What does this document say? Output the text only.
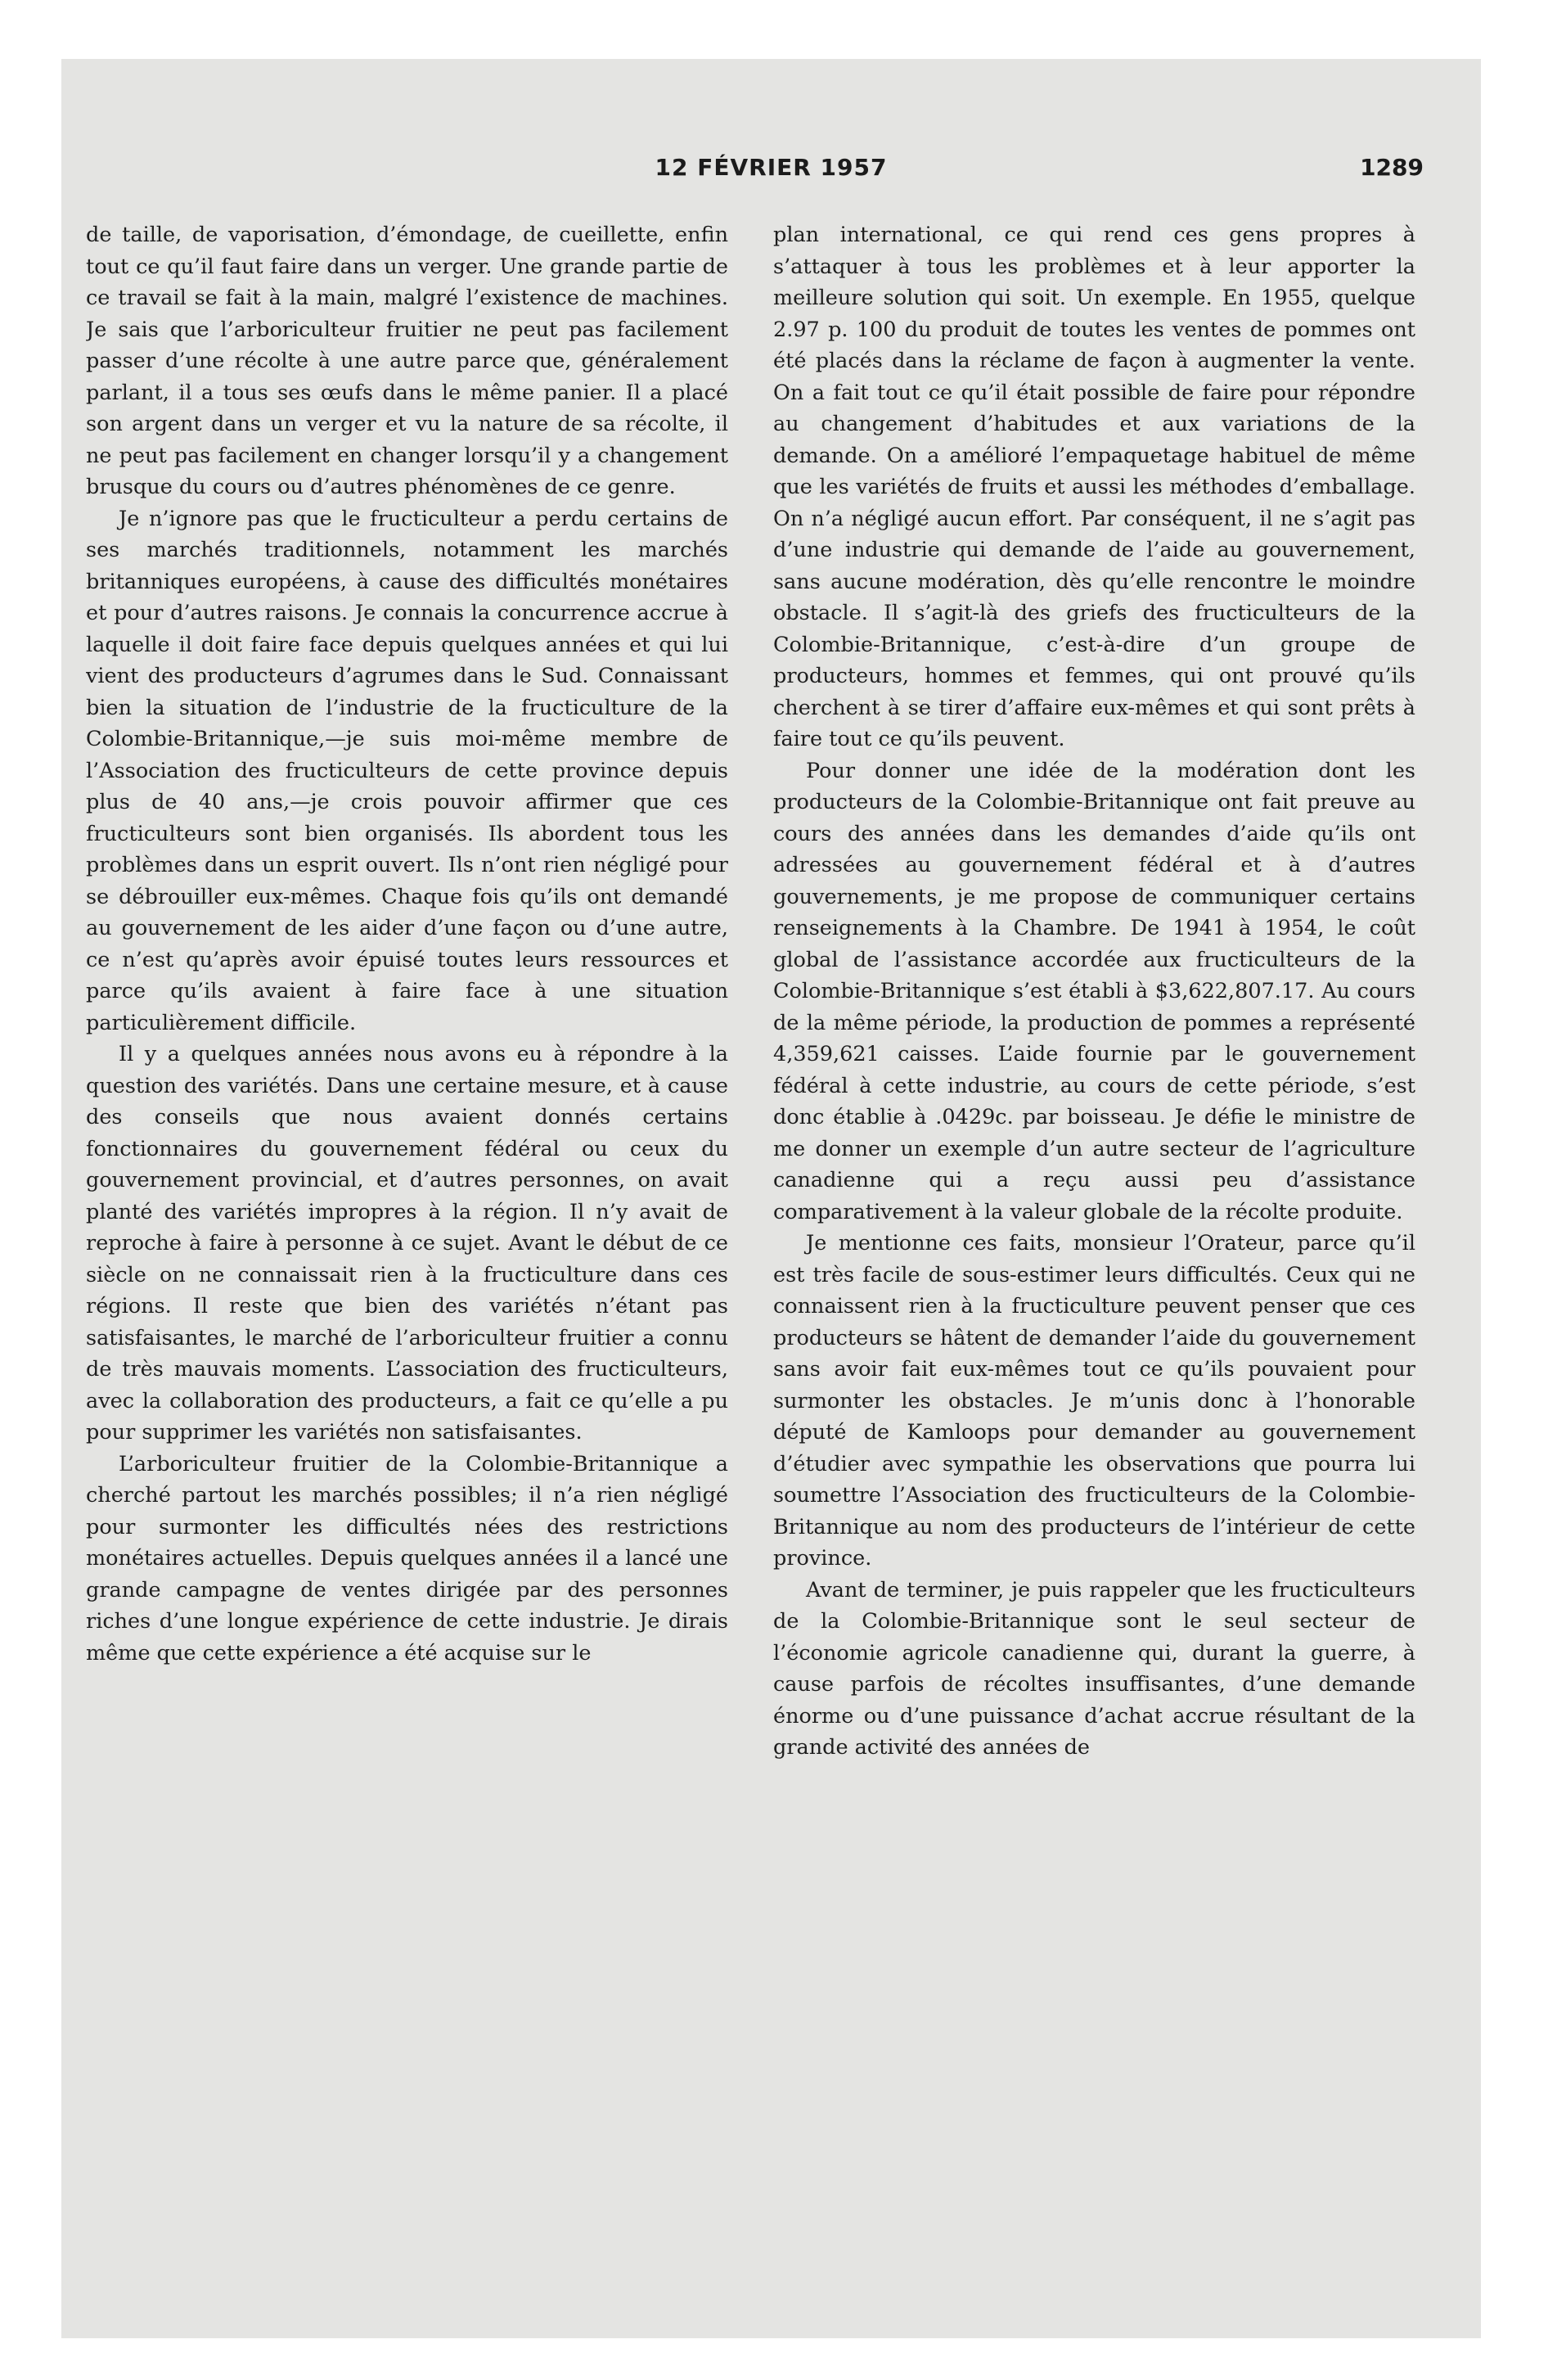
12 FÉVRIER 1957	1289

de taille, de vaporisation, d’émondage, de cueillette, enfin tout ce qu’il faut faire dans un verger. Une grande partie de ce travail se fait à la main, malgré l’existence de machines. Je sais que l’arboriculteur fruitier ne peut pas facilement passer d’une récolte à une autre parce que, généralement parlant, il a tous ses œufs dans le même panier. Il a placé son argent dans un verger et vu la nature de sa récolte, il ne peut pas facilement en changer lorsqu’il y a changement brusque du cours ou d’autres phénomènes de ce genre.

Je n’ignore pas que le fructiculteur a perdu certains de ses marchés traditionnels, notamment les marchés britanniques européens, à cause des difficultés monétaires et pour d’autres raisons. Je connais la concurrence accrue à laquelle il doit faire face depuis quelques années et qui lui vient des producteurs d’agrumes dans le Sud. Connaissant bien la situation de l’industrie de la fructiculture de la Colombie-Britannique,—je suis moi-même membre de l’Association des fructiculteurs de cette province depuis plus de 40 ans,—je crois pouvoir affirmer que ces fructiculteurs sont bien organisés. Ils abordent tous les problèmes dans un esprit ouvert. Ils n’ont rien négligé pour se débrouiller eux-mêmes. Chaque fois qu’ils ont demandé au gouvernement de les aider d’une façon ou d’une autre, ce n’est qu’après avoir épuisé toutes leurs ressources et parce qu’ils avaient à faire face à une situation particulièrement difficile.

Il y a quelques années nous avons eu à répondre à la question des variétés. Dans une certaine mesure, et à cause des conseils que nous avaient donnés certains fonctionnaires du gouvernement fédéral ou ceux du gouvernement provincial, et d’autres personnes, on avait planté des variétés impropres à la région. Il n’y avait de reproche à faire à personne à ce sujet. Avant le début de ce siècle on ne connaissait rien à la fructiculture dans ces régions. Il reste que bien des variétés n’étant pas satisfaisantes, le marché de l’arboriculteur fruitier a connu de très mauvais moments. L’association des fructiculteurs, avec la collaboration des producteurs, a fait ce qu’elle a pu pour supprimer les variétés non satisfaisantes.

L’arboriculteur fruitier de la Colombie-Britannique a cherché partout les marchés possibles; il n’a rien négligé pour surmonter les difficultés nées des restrictions monétaires actuelles. Depuis quelques années il a lancé une grande campagne de ventes dirigée par des personnes riches d’une longue expérience de cette industrie. Je dirais même que cette expérience a été acquise sur le

plan international, ce qui rend ces gens propres à s’attaquer à tous les problèmes et à leur apporter la meilleure solution qui soit. Un exemple. En 1955, quelque 2.97 p. 100 du produit de toutes les ventes de pommes ont été placés dans la réclame de façon à augmenter la vente. On a fait tout ce qu’il était possible de faire pour répondre au changement d’habitudes et aux variations de la demande. On a amélioré l’empaquetage habituel de même que les variétés de fruits et aussi les méthodes d’emballage. On n’a négligé aucun effort. Par conséquent, il ne s’agit pas d’une industrie qui demande de l’aide au gouvernement, sans aucune modération, dès qu’elle rencontre le moindre obstacle. Il s’agit-là des griefs des fructiculteurs de la Colombie-Britannique, c’est-à-dire d’un groupe de producteurs, hommes et femmes, qui ont prouvé qu’ils cherchent à se tirer d’affaire eux-mêmes et qui sont prêts à faire tout ce qu’ils peuvent.

Pour donner une idée de la modération dont les producteurs de la Colombie-Britannique ont fait preuve au cours des années dans les demandes d’aide qu’ils ont adressées au gouvernement fédéral et à d’autres gouvernements, je me propose de communiquer certains renseignements à la Chambre. De 1941 à 1954, le coût global de l’assistance accordée aux fructiculteurs de la Colombie-Britannique s’est établi à $3,622,807.17. Au cours de la même période, la production de pommes a représenté 4,359,621 caisses. L’aide fournie par le gouvernement fédéral à cette industrie, au cours de cette période, s’est donc établie à .0429c. par boisseau. Je défie le ministre de me donner un exemple d’un autre secteur de l’agriculture canadienne qui a reçu aussi peu d’assistance comparativement à la valeur globale de la récolte produite.

Je mentionne ces faits, monsieur l’Orateur, parce qu’il est très facile de sous-estimer leurs difficultés. Ceux qui ne connaissent rien à la fructiculture peuvent penser que ces producteurs se hâtent de demander l’aide du gouvernement sans avoir fait eux-mêmes tout ce qu’ils pouvaient pour surmonter les obstacles. Je m’unis donc à l’honorable député de Kamloops pour demander au gouvernement d’étudier avec sympathie les observations que pourra lui soumettre l’Association des fructiculteurs de la Colombie-Britannique au nom des producteurs de l’intérieur de cette province.

Avant de terminer, je puis rappeler que les fructiculteurs de la Colombie-Britannique sont le seul secteur de l’économie agricole canadienne qui, durant la guerre, à cause parfois de récoltes insuffisantes, d’une demande énorme ou d’une puissance d’achat accrue résultant de la grande activité des années de
